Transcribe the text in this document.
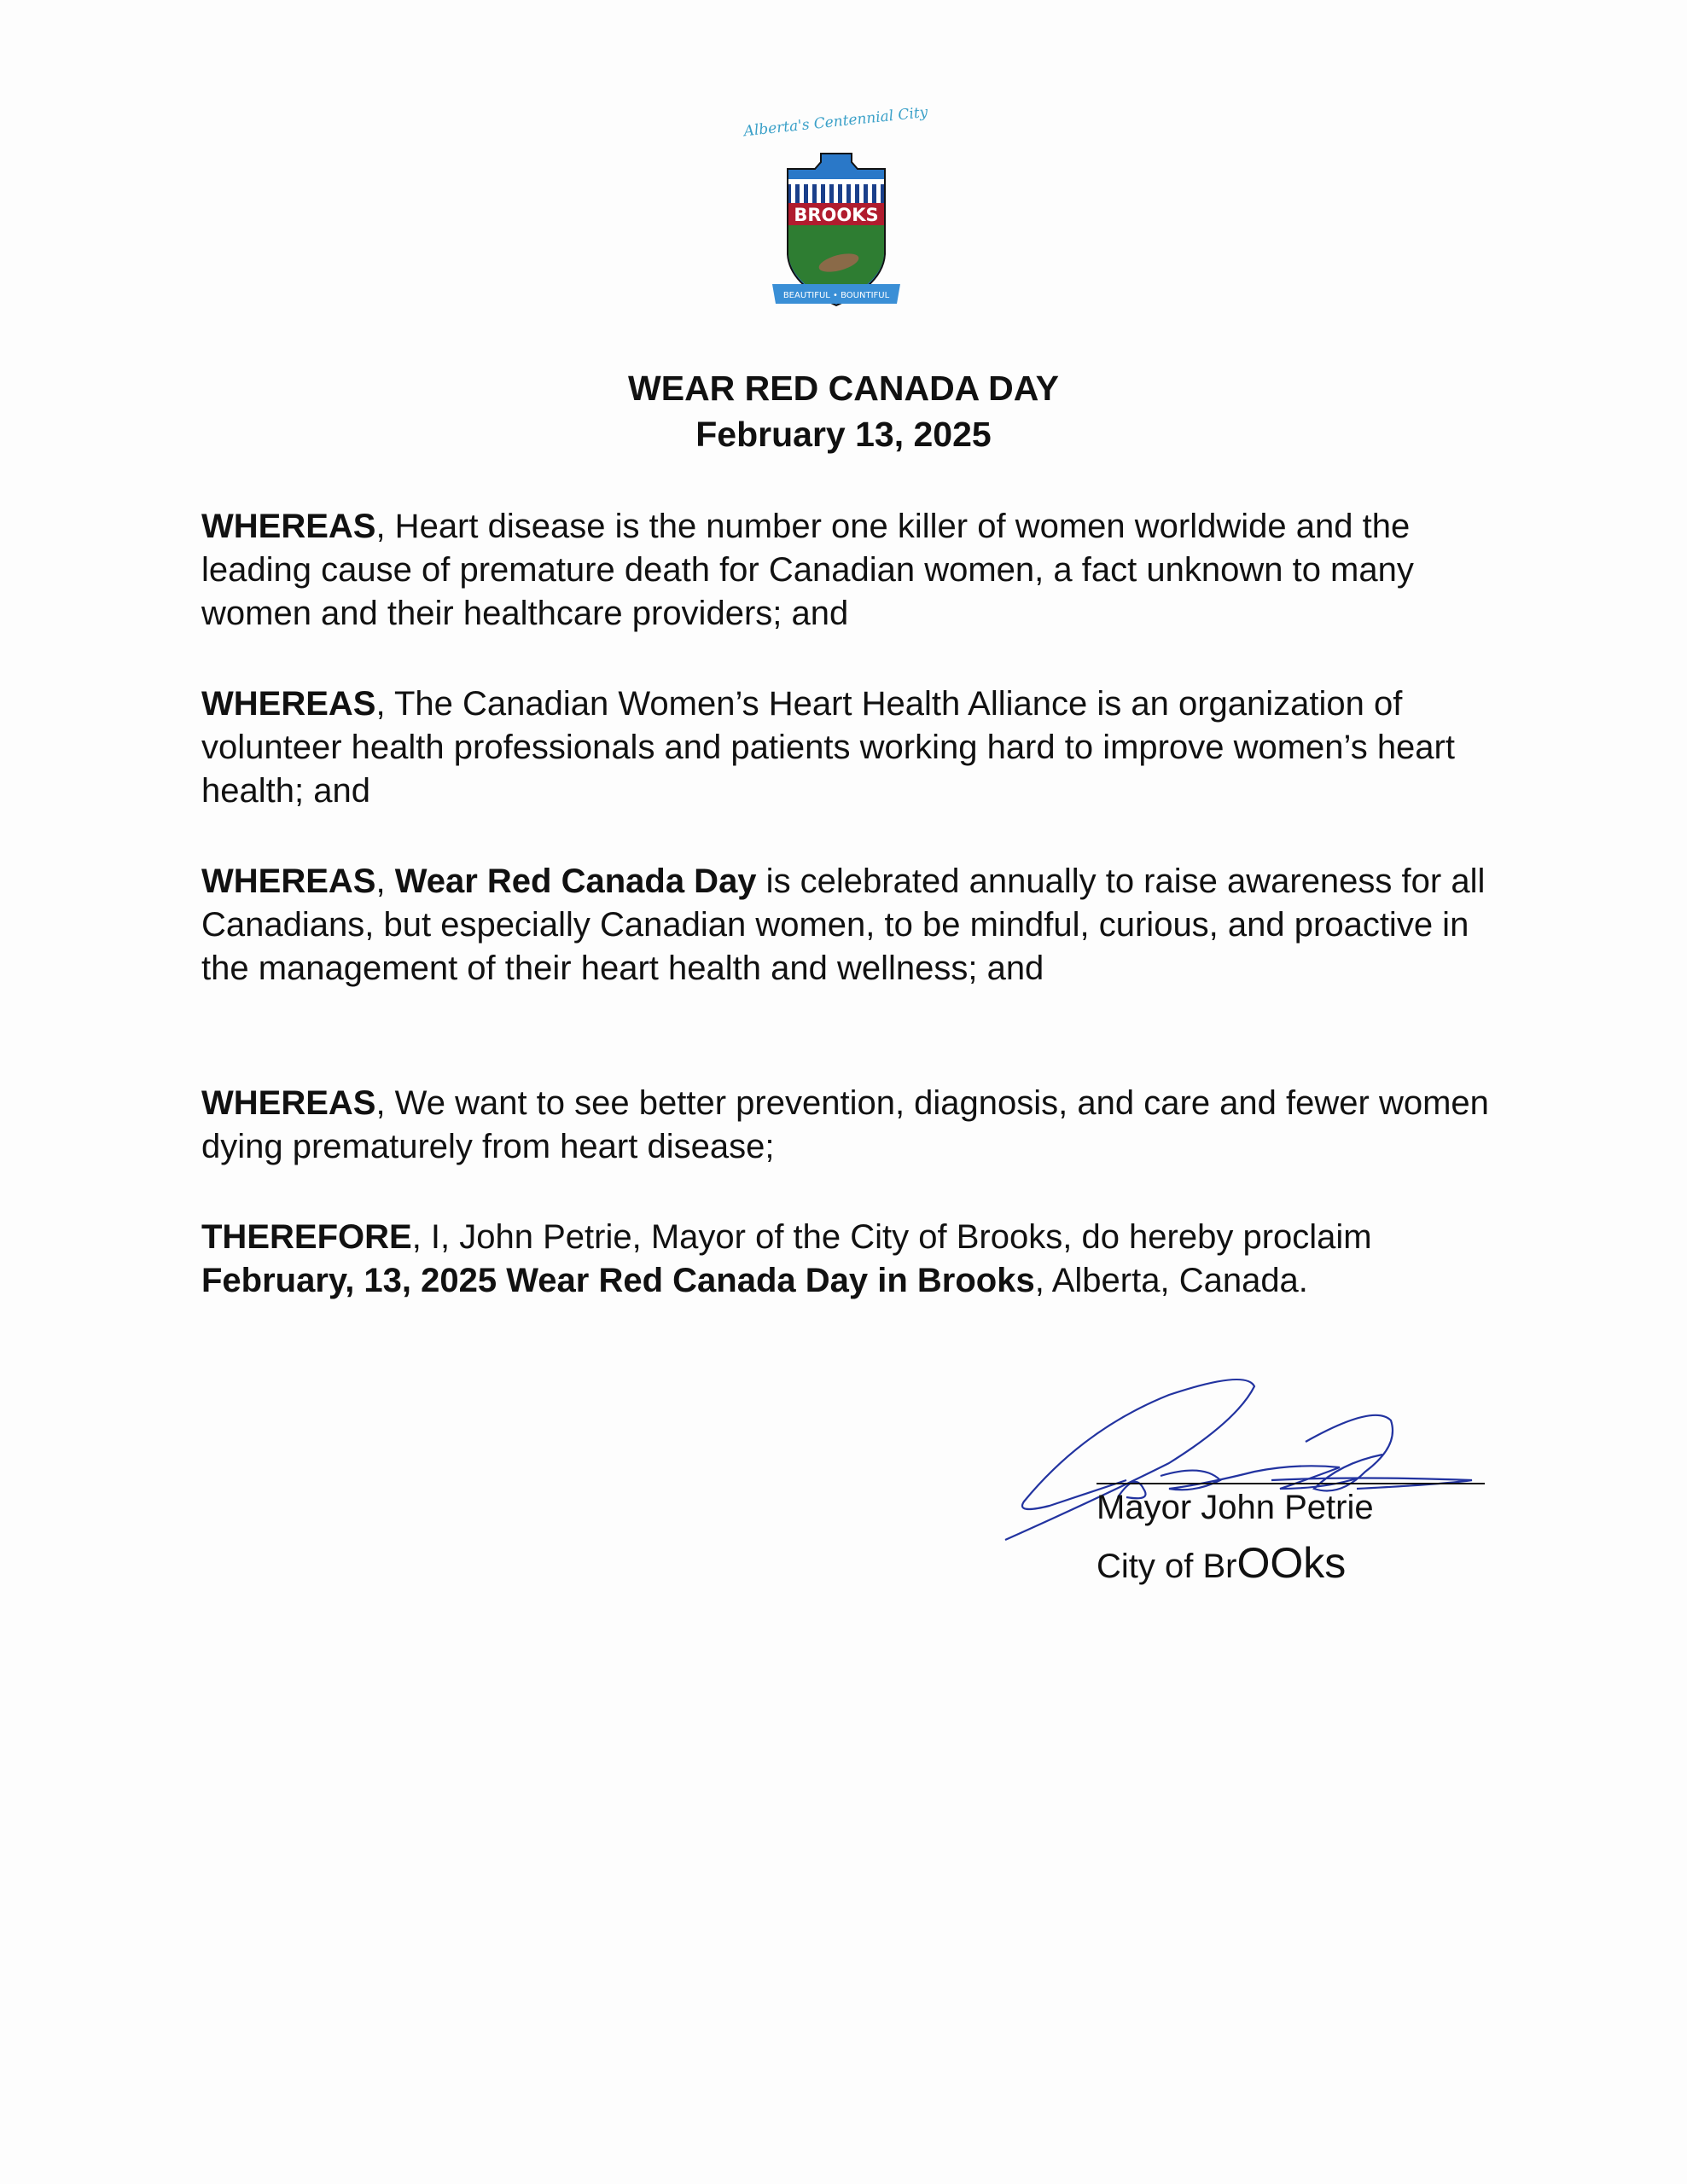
Alberta's Centennial City
BROOKS
BEAUTIFUL • BOUNTIFUL
WEAR RED CANADA DAY
February 13, 2025
WHEREAS, Heart disease is the number one killer of women worldwide and the leading cause of premature death for Canadian women, a fact unknown to many women and their healthcare providers; and
WHEREAS, The Canadian Women’s Heart Health Alliance is an organization of volunteer health professionals and patients working hard to improve women’s heart health; and
WHEREAS, Wear Red Canada Day is celebrated annually to raise awareness for all Canadians, but especially Canadian women, to be mindful, curious, and proactive in the management of their heart health and wellness; and
WHEREAS, We want to see better prevention, diagnosis, and care and fewer women dying prematurely from heart disease;
THEREFORE, I, John Petrie, Mayor of the City of Brooks, do hereby proclaim February, 13, 2025 Wear Red Canada Day in Brooks, Alberta, Canada.
Mayor John Petrie
City of BrOOks
